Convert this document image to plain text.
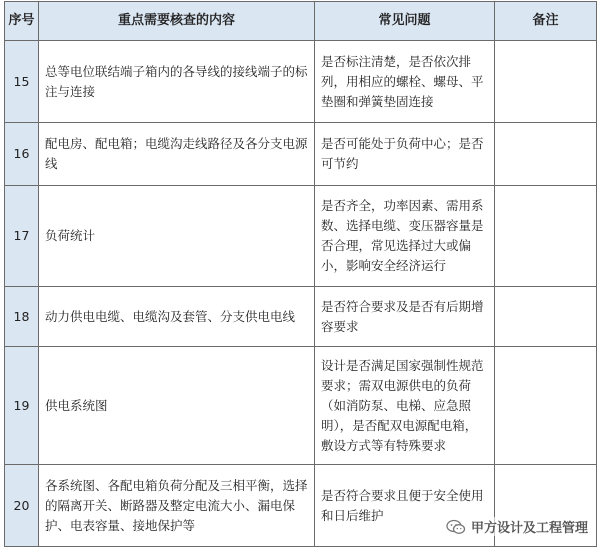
序号	重点需要核查的内容	常见问题	备注
15	总等电位联结端子箱内的各导线的接线端子的标注与连接	是否标注清楚，是否依次排列，用相应的螺栓、螺母、平垫圈和弹簧垫固连接	
16	配电房、配电箱；电缆沟走线路径及各分支电源线	是否可能处于负荷中心；是否可节约	
17	负荷统计	是否齐全，功率因素、需用系数、选择电缆、变压器容量是否合理，常见选择过大或偏小，影响安全经济运行	
18	动力供电电缆、电缆沟及套管、分支供电电线	是否符合要求及是否有后期增容要求	
19	供电系统图	设计是否满足国家强制性规范要求；需双电源供电的负荷（如消防泵、电梯、应急照明），是否配双电源配电箱，敷设方式等有特殊要求	
20	各系统图、各配电箱负荷分配及三相平衡，选择的隔离开关、断路器及整定电流大小、漏电保护、电表容量、接地保护等	是否符合要求且便于安全使用和日后维护	
甲方设计及工程管理
